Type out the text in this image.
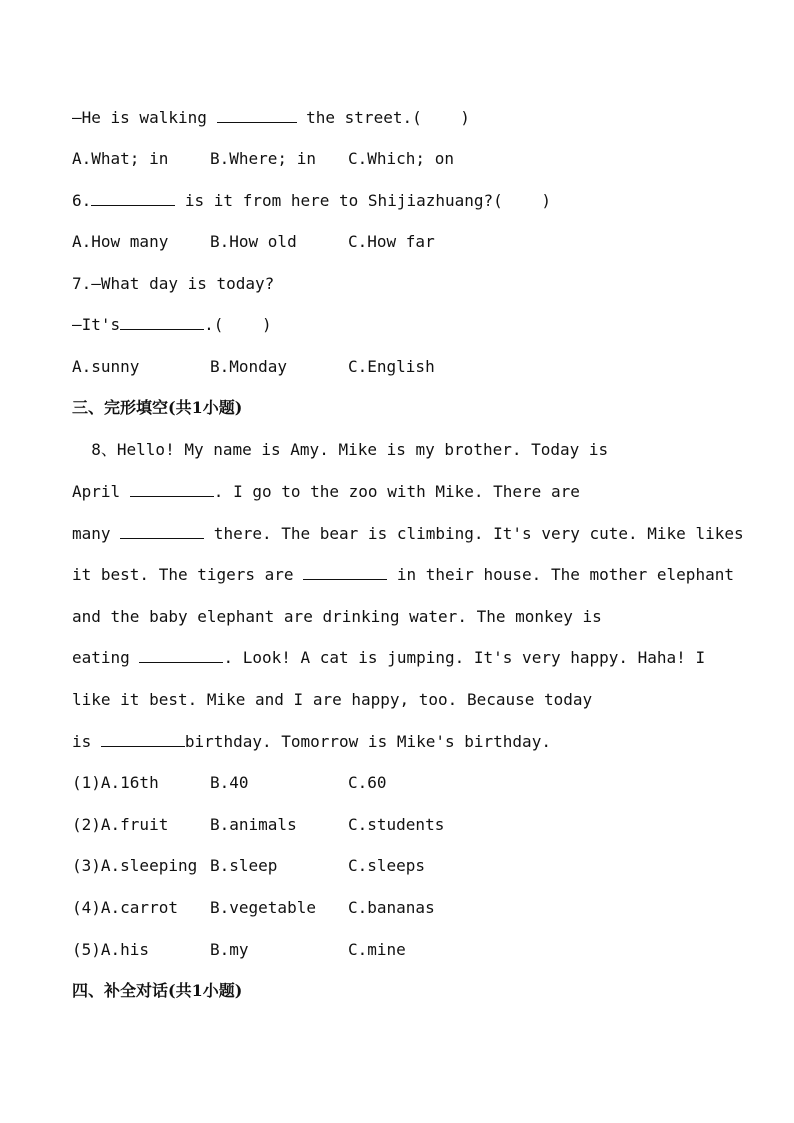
—He is walking	the street.(    )
A.What; in	B.Where; in C.Which; on
6.	is it from here to Shijiazhuang?(    )
A.How many	B.How old	C.How far
7.—What day is today?
—It's	.(    )
A.sunny	B.Monday	C.English
三、完形填空(共1小题)
8、Hello! My name is Amy. Mike is my brother. Today is
April	. I go to the zoo with Mike. There are
many	there. The bear is climbing. It's very cute. Mike likes
it best. The tigers are	in their house. The mother elephant
and the baby elephant are drinking water. The monkey is
eating	. Look! A cat is jumping. It's very happy. Haha! I
like it best. Mike and I are happy, too. Because today
is	birthday. Tomorrow is Mike's birthday.
(1)A.16th	B.40	C.60
(2)A.fruit	B.animals	C.students
(3)A.sleeping B.sleep	C.sleeps
(4)A.carrot B.vegetable C.bananas
(5)A.his	B.my	C.mine
四、补全对话(共1小题)
